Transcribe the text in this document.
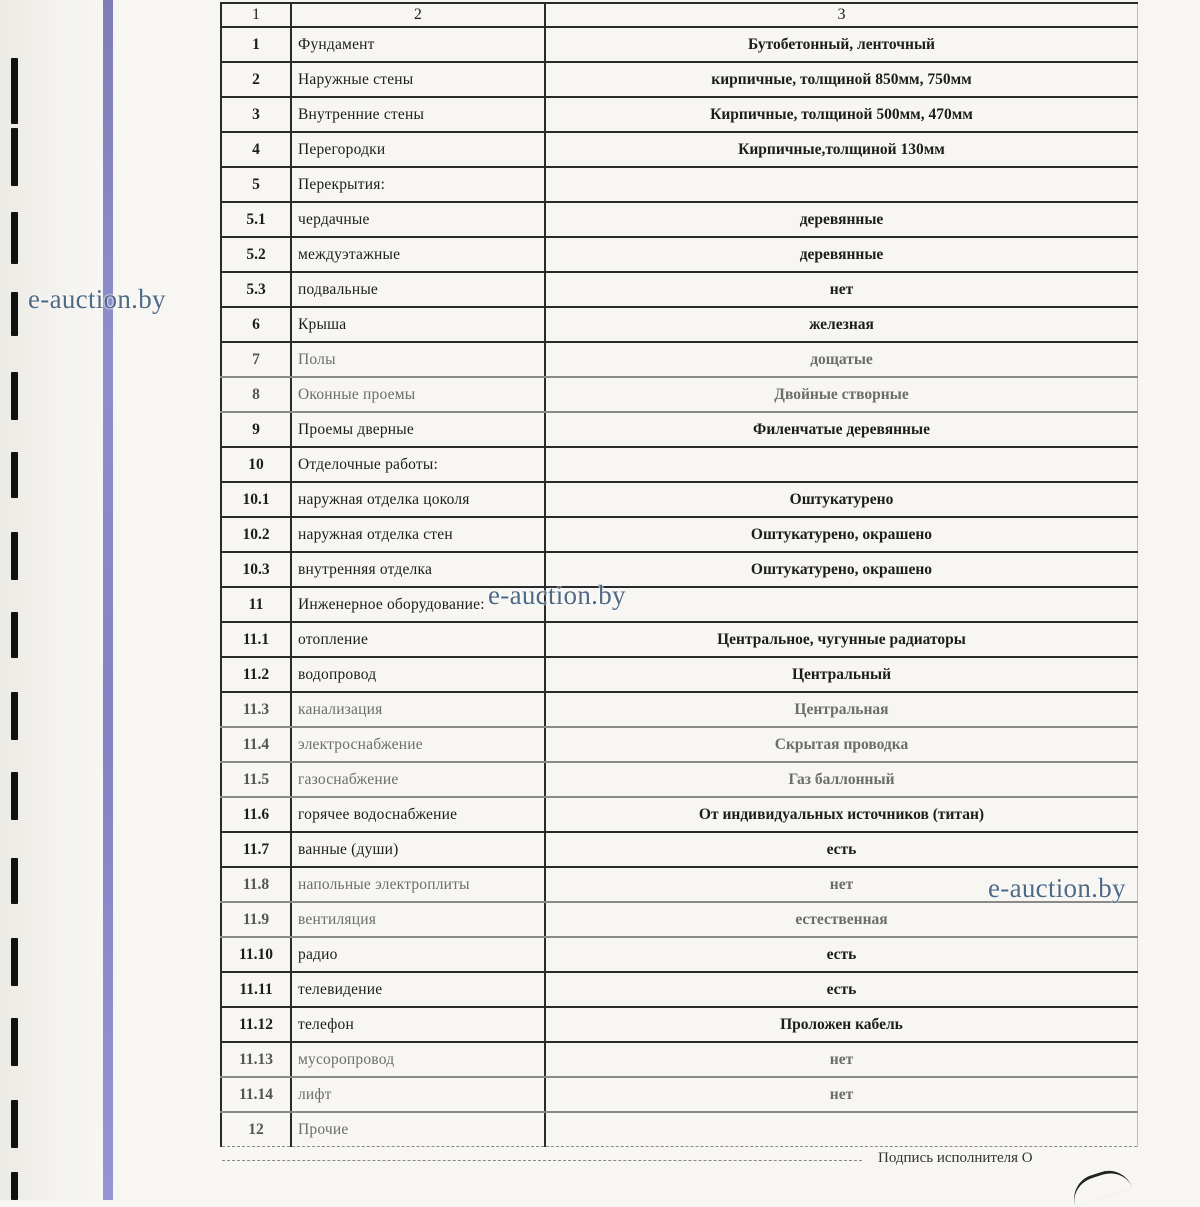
1	2	3
1	Фундамент	Бутобетонный, ленточный
2	Наружные стены	кирпичные, толщиной 850мм, 750мм
3	Внутренние стены	Кирпичные, толщиной 500мм, 470мм
4	Перегородки	Кирпичные,толщиной 130мм
5	Перекрытия:	
5.1	чердачные	деревянные
5.2	междуэтажные	деревянные
5.3	подвальные	нет
6	Крыша	железная
7	Полы	дощатые
8	Оконные проемы	Двойные створные
9	Проемы дверные	Филенчатые деревянные
10	Отделочные работы:	
10.1	наружная отделка цоколя	Оштукатурено
10.2	наружная отделка стен	Оштукатурено, окрашено
10.3	внутренняя отделка	Оштукатурено, окрашено
11	Инженерное оборудование:	
11.1	отопление	Центральное, чугунные радиаторы
11.2	водопровод	Центральный
11.3	канализация	Центральная
11.4	электроснабжение	Скрытая проводка
11.5	газоснабжение	Газ баллонный
11.6	горячее водоснабжение	От индивидуальных источников (титан)
11.7	ванные (души)	есть
11.8	напольные электроплиты	нет
11.9	вентиляция	естественная
11.10	радио	есть
11.11	телевидение	есть
11.12	телефон	Проложен кабель
11.13	мусоропровод	нет
11.14	лифт	нет
12	Прочие	
e-auction.by
e-auction.by
e-auction.by
Подпись исполнителя О
